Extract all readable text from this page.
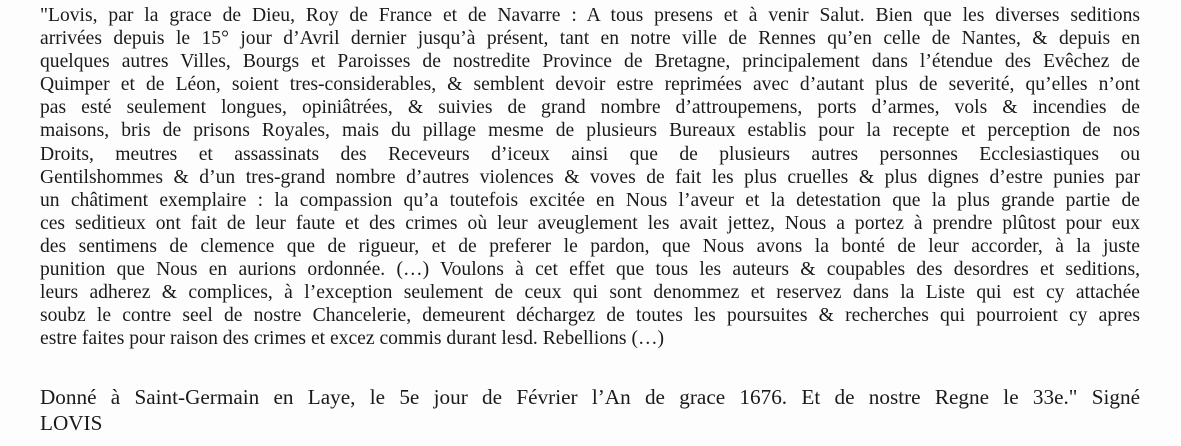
"Lovis, par la grace de Dieu, Roy de France et de Navarre : A tous presens et à venir Salut. Bien que les diverses seditions
arrivées depuis le 15° jour d’Avril dernier jusqu’à présent, tant en notre ville de Rennes qu’en celle de Nantes, & depuis en
quelques autres Villes, Bourgs et Paroisses de nostredite Province de Bretagne, principalement dans l’étendue des Evêchez de
Quimper et de Léon, soient tres-considerables, & semblent devoir estre reprimées avec d’autant plus de severité, qu’elles n’ont
pas esté seulement longues, opiniâtrées, & suivies de grand nombre d’attroupemens, ports d’armes, vols & incendies de
maisons, bris de prisons Royales, mais du pillage mesme de plusieurs Bureaux establis pour la recepte et perception de nos
Droits, meutres et assassinats des Receveurs d’iceux ainsi que de plusieurs autres personnes Ecclesiastiques ou
Gentilshommes & d’un tres-grand nombre d’autres violences & voves de fait les plus cruelles & plus dignes d’estre punies par
un châtiment exemplaire : la compassion qu’a toutefois excitée en Nous l’aveur et la detestation que la plus grande partie de
ces seditieux ont fait de leur faute et des crimes où leur aveuglement les avait jettez, Nous a portez à prendre plûtost pour eux
des sentimens de clemence que de rigueur, et de preferer le pardon, que Nous avons la bonté de leur accorder, à la juste
punition que Nous en aurions ordonnée. (…) Voulons à cet effet que tous les auteurs & coupables des desordres et seditions,
leurs adherez & complices, à l’exception seulement de ceux qui sont denommez et reservez dans la Liste qui est cy attachée
soubz le contre seel de nostre Chancelerie, demeurent déchargez de toutes les poursuites & recherches qui pourroient cy apres
estre faites pour raison des crimes et excez commis durant lesd. Rebellions (…)
Donné à Saint-Germain en Laye, le 5e jour de Février l’An de grace 1676. Et de nostre Regne le 33e." Signé
LOVIS
